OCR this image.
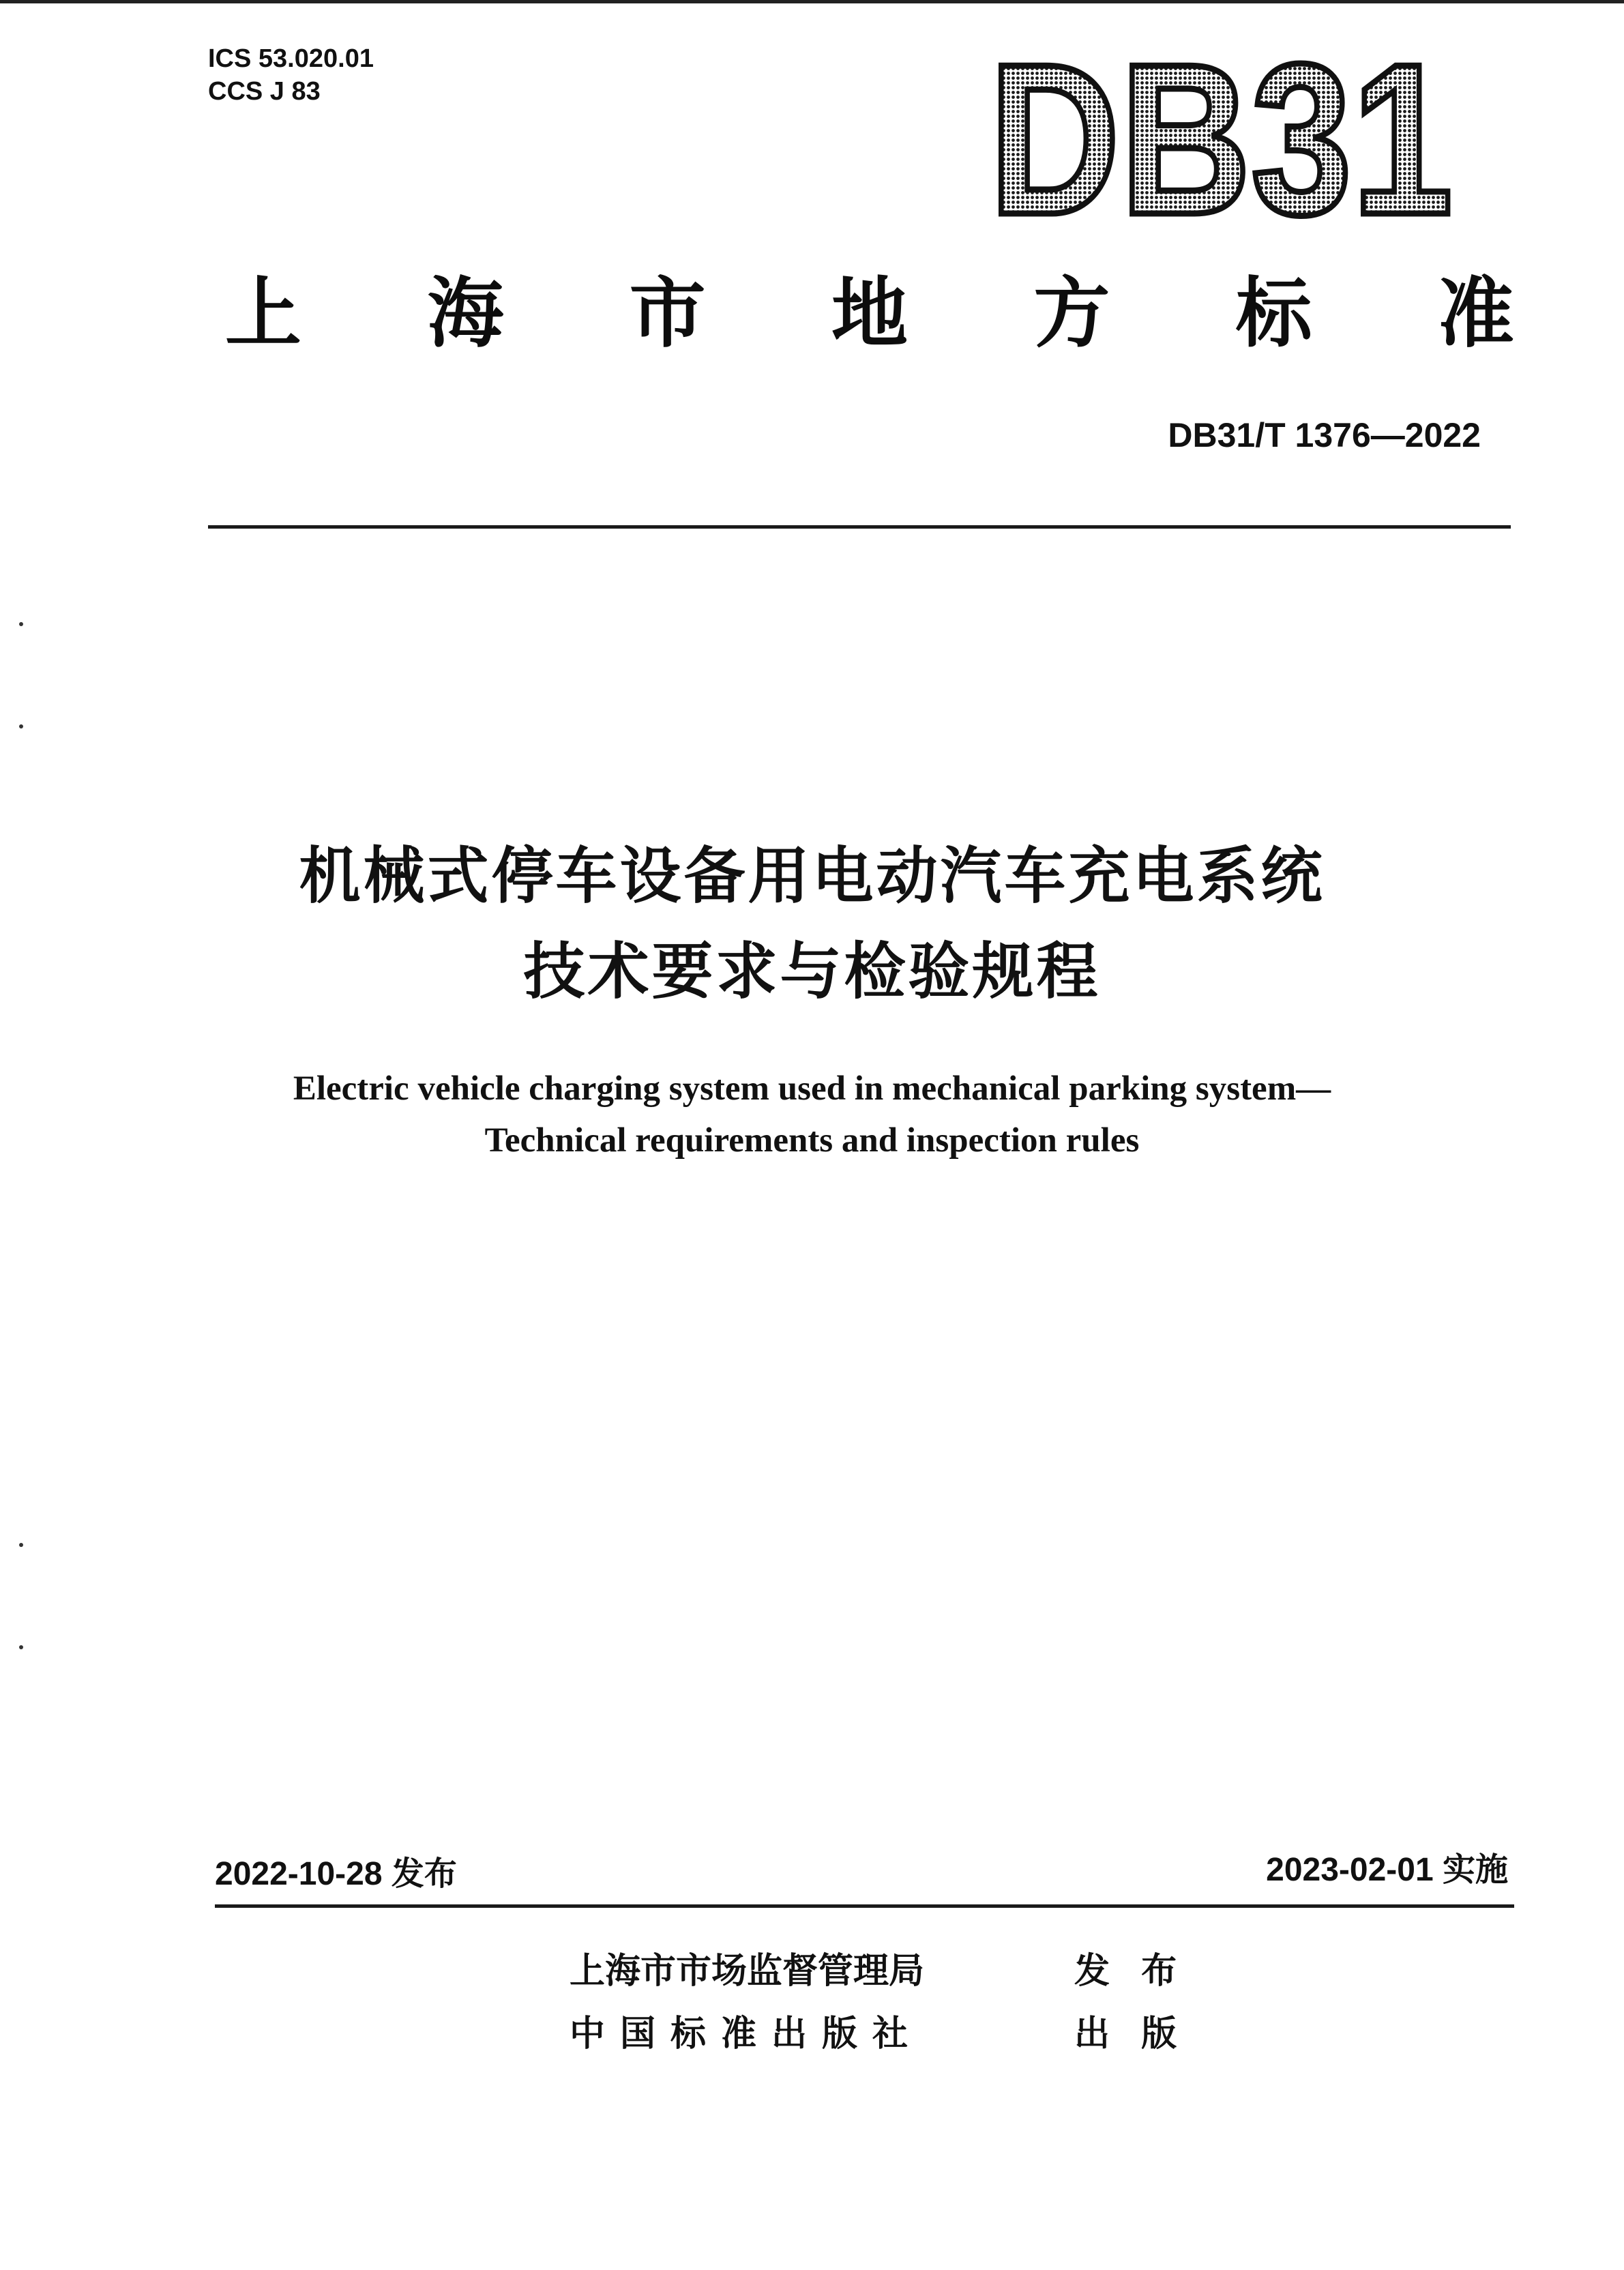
ICS 53.020.01
CCS J 83	DB31
上 海 市 地 方 标 准
DB31/T 1376—2022
机械式停车设备用电动汽车充电系统
技术要求与检验规程
Electric vehicle charging system used in mechanical parking system—
Technical requirements and inspection rules
2022-10-28 发布	2023-02-01 实施
上海市市场监督管理局	发 布
中国标准出版社	出 版
